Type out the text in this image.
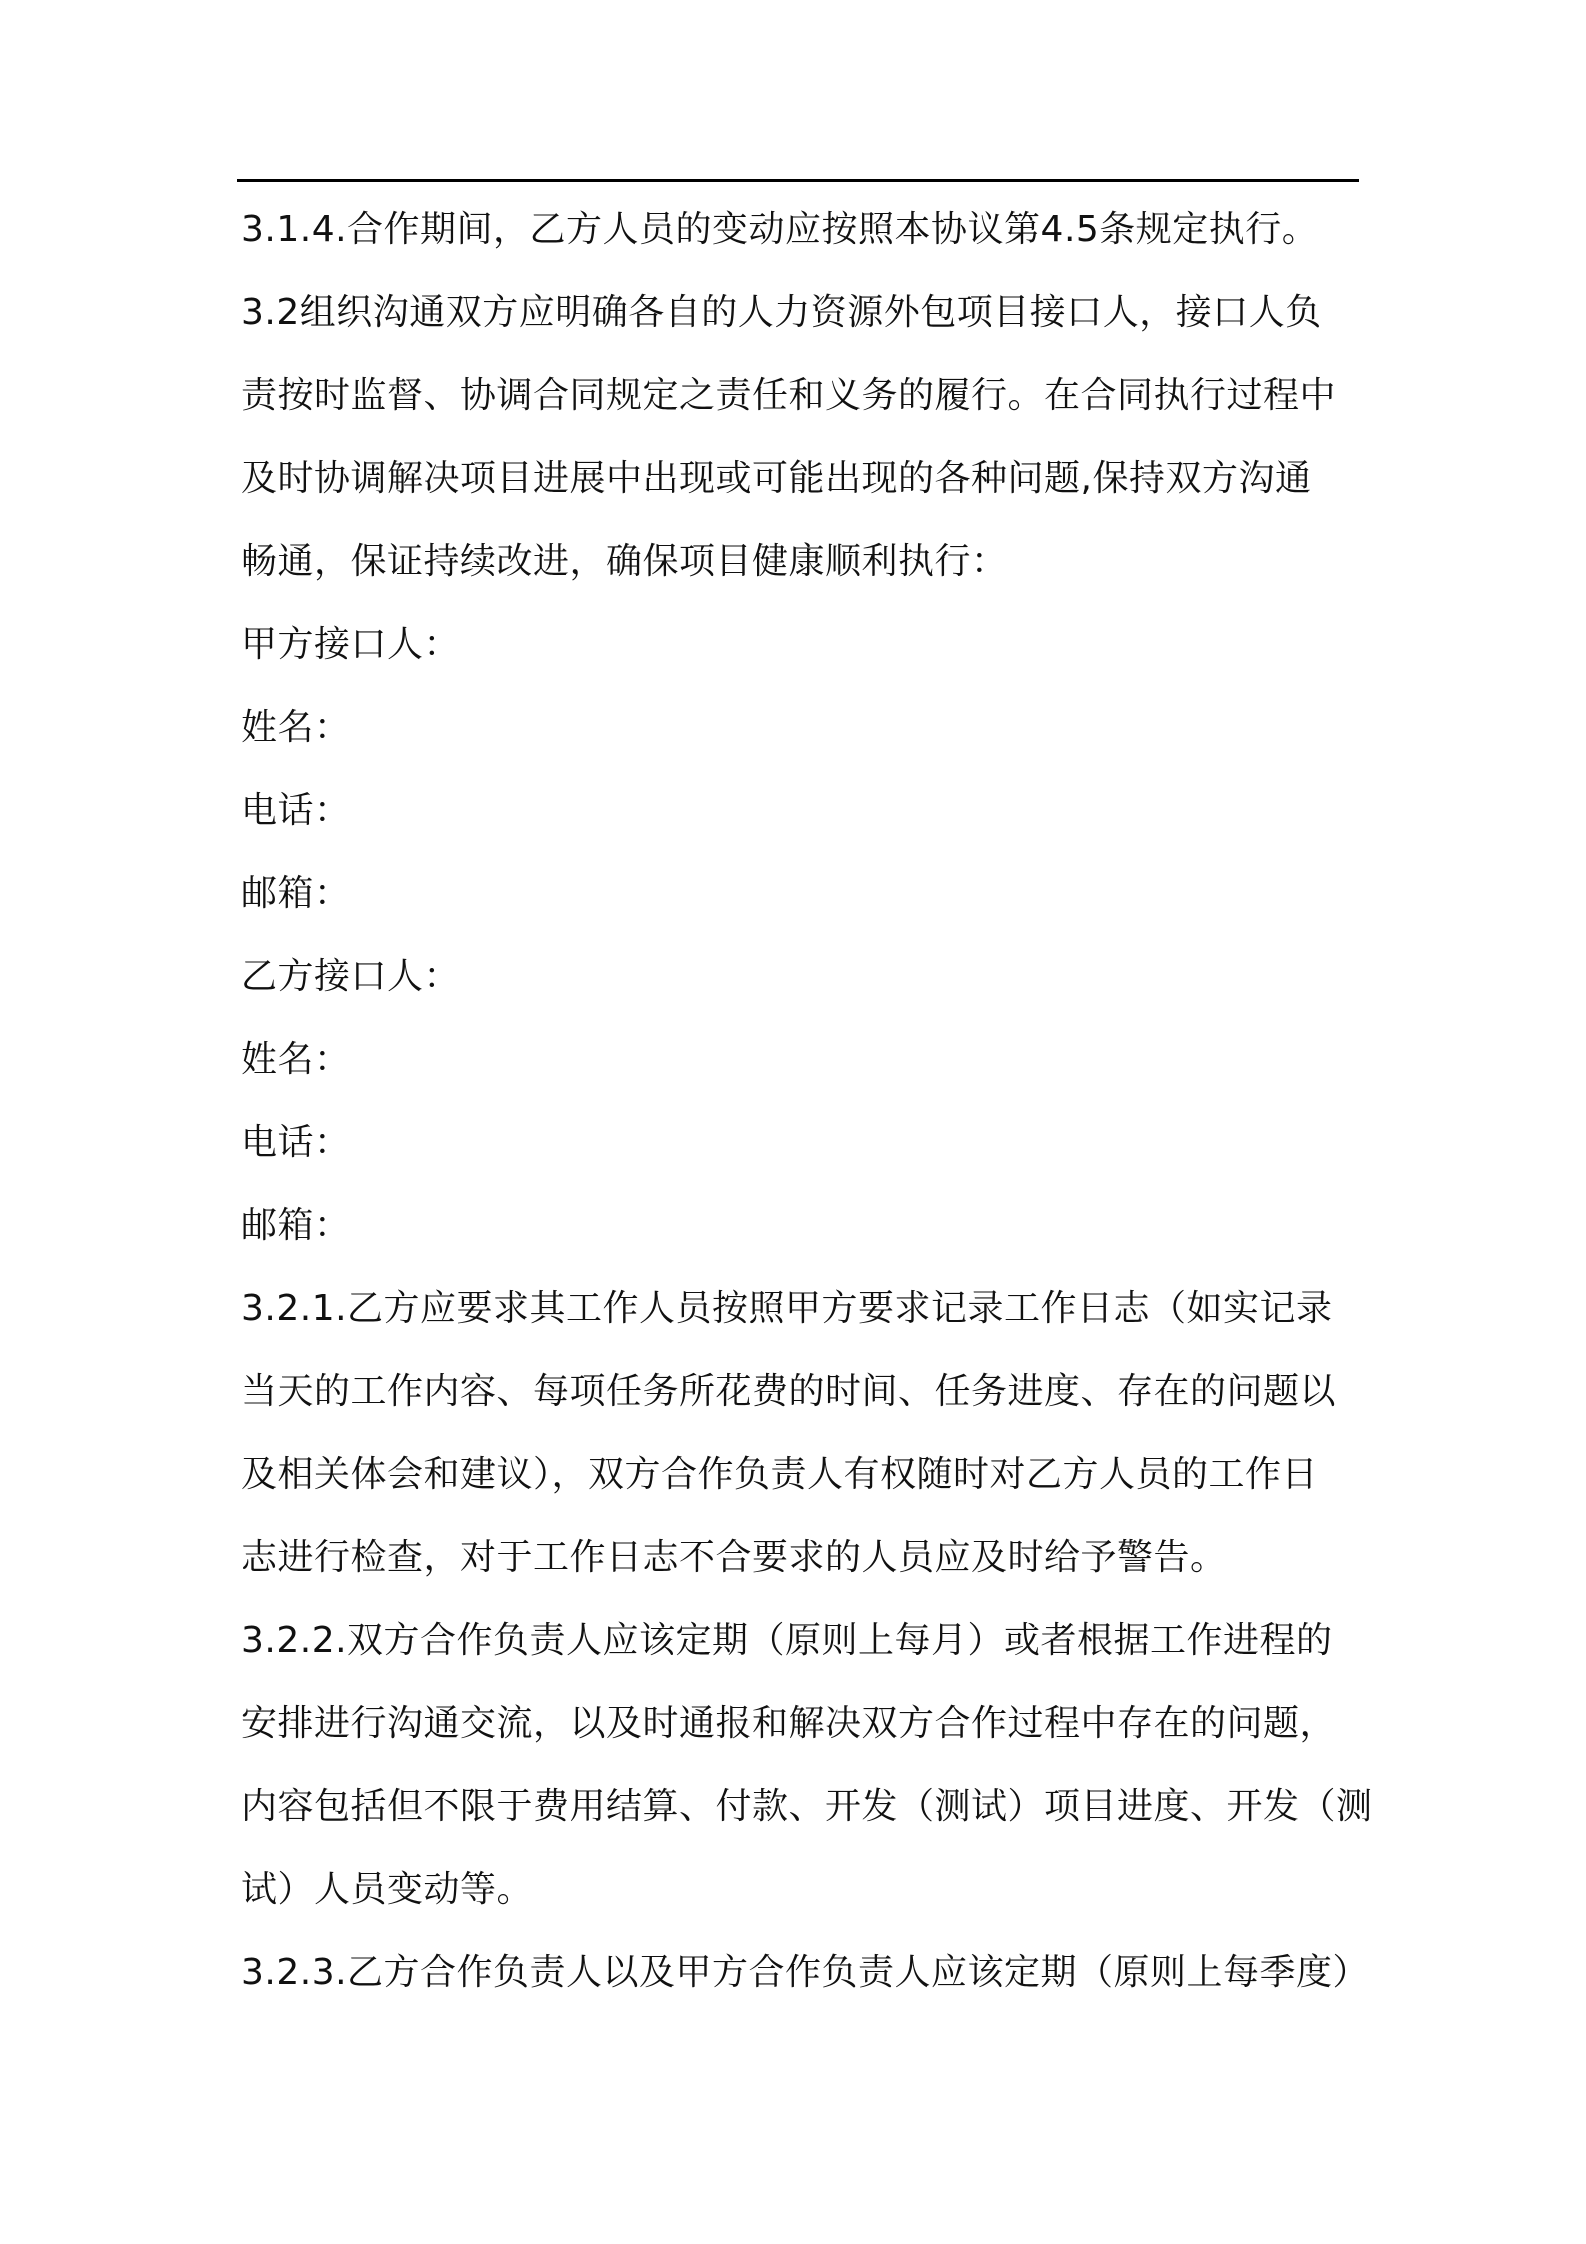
3.1.4.合作期间，乙方人员的变动应按照本协议第4.5条规定执行。
3.2组织沟通双方应明确各自的人力资源外包项目接口人，接口人负
责按时监督、协调合同规定之责任和义务的履行。在合同执行过程中
及时协调解决项目进展中出现或可能出现的各种问题,保持双方沟通
畅通，保证持续改进，确保项目健康顺利执行：
甲方接口人：
姓名：
电话：
邮箱：
乙方接口人：
姓名：
电话：
邮箱：
3.2.1.乙方应要求其工作人员按照甲方要求记录工作日志（如实记录
当天的工作内容、每项任务所花费的时间、任务进度、存在的问题以
及相关体会和建议），双方合作负责人有权随时对乙方人员的工作日
志进行检查，对于工作日志不合要求的人员应及时给予警告。
3.2.2.双方合作负责人应该定期（原则上每月）或者根据工作进程的
安排进行沟通交流，以及时通报和解决双方合作过程中存在的问题，
内容包括但不限于费用结算、付款、开发（测试）项目进度、开发（测
试）人员变动等。
3.2.3.乙方合作负责人以及甲方合作负责人应该定期（原则上每季度）
